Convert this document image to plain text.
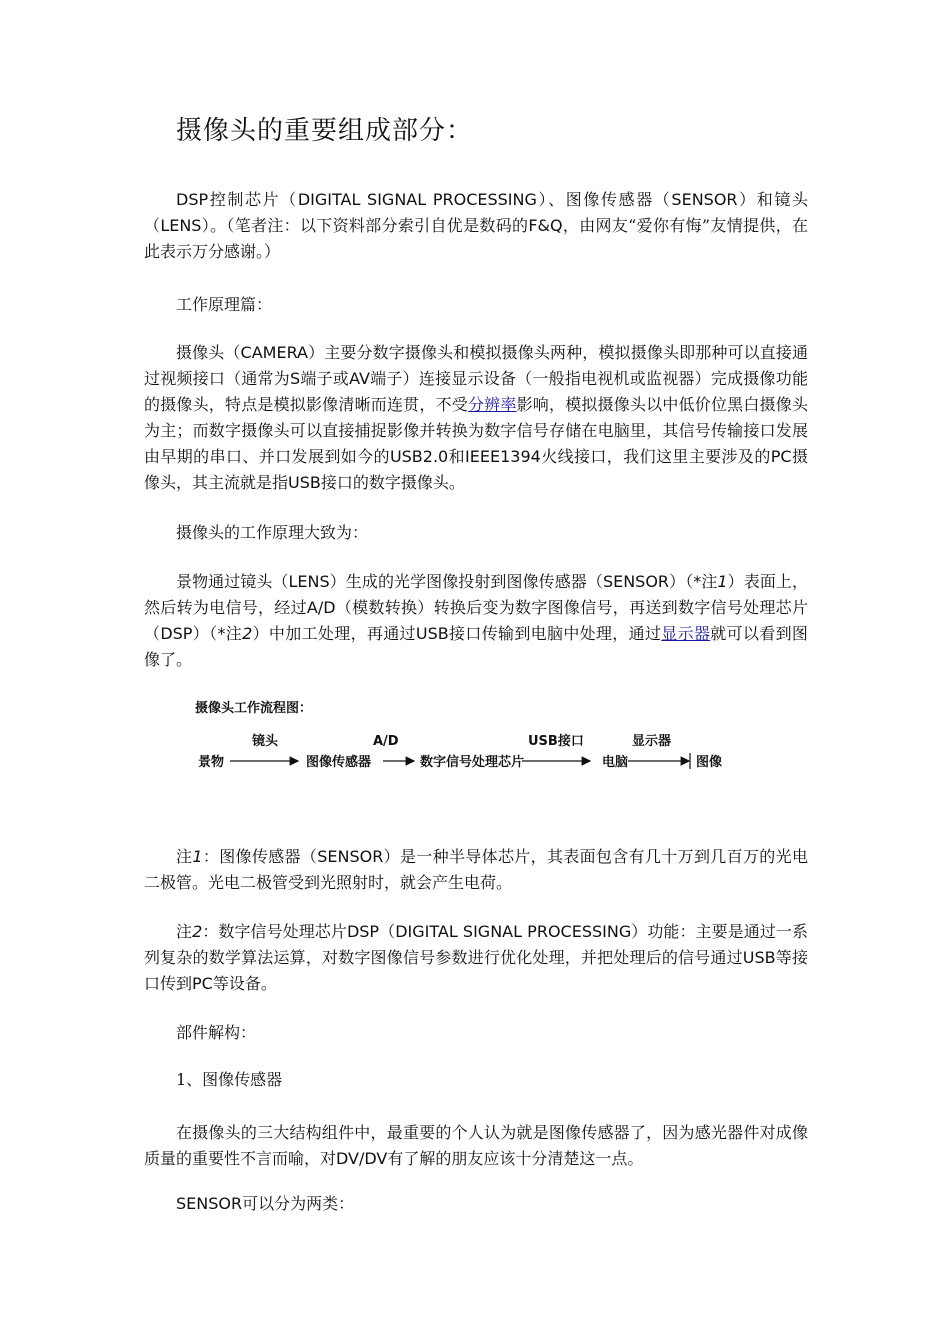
摄像头的重要组成部分：

DSP控制芯片（DIGITAL SIGNAL PROCESSING）、图像传感器（SENSOR）和镜头（LENS）。（笔者注：以下资料部分索引自优是数码的F&Q，由网友“爱你有悔”友情提供，在此表示万分感谢。）

工作原理篇：

摄像头（CAMERA）主要分数字摄像头和模拟摄像头两种，模拟摄像头即那种可以直接通过视频接口（通常为S端子或AV端子）连接显示设备（一般指电视机或监视器）完成摄像功能的摄像头，特点是模拟影像清晰而连贯，不受分辨率影响，模拟摄像头以中低价位黑白摄像头为主；而数字摄像头可以直接捕捉影像并转换为数字信号存储在电脑里，其信号传输接口发展由早期的串口、并口发展到如今的USB2.0和IEEE1394火线接口，我们这里主要涉及的PC摄像头，其主流就是指USB接口的数字摄像头。

摄像头的工作原理大致为：

景物通过镜头（LENS）生成的光学图像投射到图像传感器（SENSOR）（*注1）表面上，然后转为电信号，经过A/D（模数转换）转换后变为数字图像信号，再送到数字信号处理芯片（DSP）（*注2）中加工处理，再通过USB接口传输到电脑中处理，通过显示器就可以看到图像了。

摄像头工作流程图：
景物	图像传感器	数字信号处理芯片	电脑	图像
镜头	A/D	USB接口	显示器

注1：图像传感器（SENSOR）是一种半导体芯片，其表面包含有几十万到几百万的光电二极管。光电二极管受到光照射时，就会产生电荷。

注2：数字信号处理芯片DSP（DIGITAL SIGNAL PROCESSING）功能：主要是通过一系列复杂的数学算法运算，对数字图像信号参数进行优化处理，并把处理后的信号通过USB等接口传到PC等设备。

部件解构：
1、图像传感器

在摄像头的三大结构组件中，最重要的个人认为就是图像传感器了，因为感光器件对成像质量的重要性不言而喻，对DV/DV有了解的朋友应该十分清楚这一点。

SENSOR可以分为两类：
